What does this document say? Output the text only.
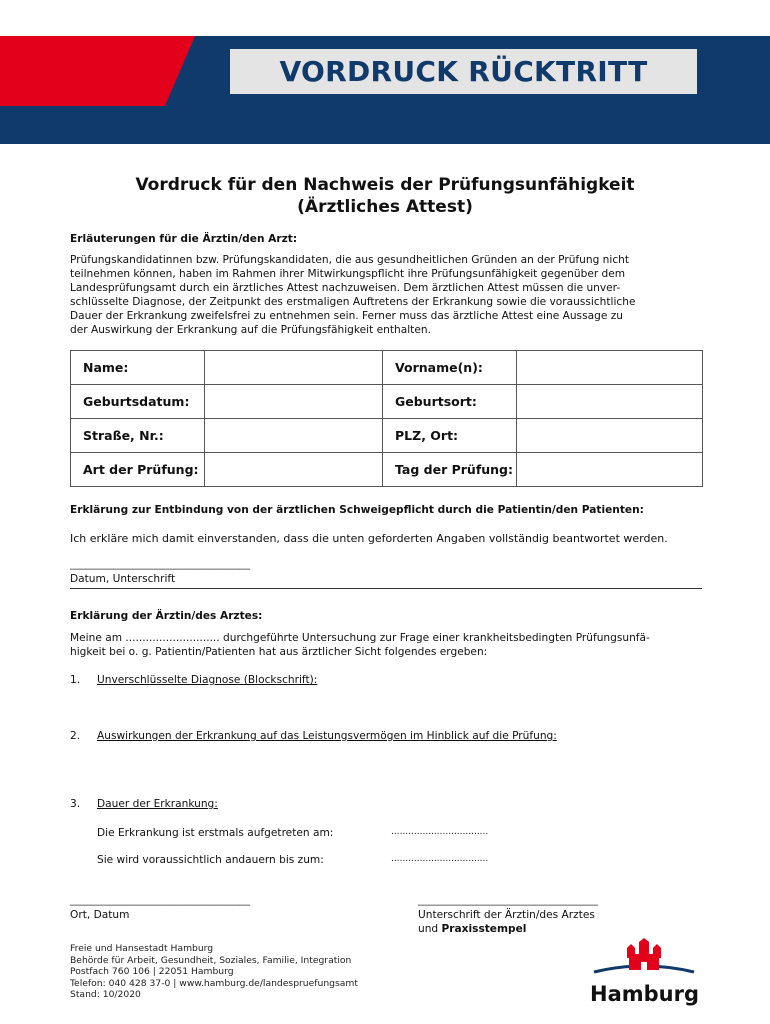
VORDRUCK RÜCKTRITT
Vordruck für den Nachweis der Prüfungsunfähigkeit
(Ärztliches Attest)
Erläuterungen für die Ärztin/den Arzt:
Prüfungskandidatinnen bzw. Prüfungskandidaten, die aus gesundheitlichen Gründen an der Prüfung nicht
teilnehmen können, haben im Rahmen ihrer Mitwirkungspflicht ihre Prüfungsunfähigkeit gegenüber dem
Landesprüfungsamt durch ein ärztliches Attest nachzuweisen. Dem ärztlichen Attest müssen die unver-
schlüsselte Diagnose, der Zeitpunkt des erstmaligen Auftretens der Erkrankung sowie die voraussichtliche
Dauer der Erkrankung zweifelsfrei zu entnehmen sein. Ferner muss das ärztliche Attest eine Aussage zu
der Auswirkung der Erkrankung auf die Prüfungsfähigkeit enthalten.
Name:		Vorname(n):	
Geburtsdatum:		Geburtsort:	
Straße, Nr.:		PLZ, Ort:	
Art der Prüfung:		Tag der Prüfung:	
Erklärung zur Entbindung von der ärztlichen Schweigepflicht durch die Patientin/den Patienten:
Ich erkläre mich damit einverstanden, dass die unten geforderten Angaben vollständig beantwortet werden.
__________________________________
Datum, Unterschrift
Erklärung der Ärztin/des Arztes:
Meine am ............................ durchgeführte Untersuchung zur Frage einer krankheitsbedingten Prüfungsunfä-
higkeit bei o. g. Patientin/Patienten hat aus ärztlicher Sicht folgendes ergeben:
1. Unverschlüsselte Diagnose (Blockschrift):
2. Auswirkungen der Erkrankung auf das Leistungsvermögen im Hinblick auf die Prüfung:
3. Dauer der Erkrankung:
Die Erkrankung ist erstmals aufgetreten am:	..................................
Sie wird voraussichtlich andauern bis zum:	..................................
__________________________________
Ort, Datum
__________________________________
Unterschrift der Ärztin/des Arztes
und Praxisstempel
Freie und Hansestadt Hamburg
Behörde für Arbeit, Gesundheit, Soziales, Familie, Integration
Postfach 760 106 | 22051 Hamburg
Telefon: 040 428 37-0 | www.hamburg.de/landespruefungsamt
Stand: 10/2020	Hamburg
